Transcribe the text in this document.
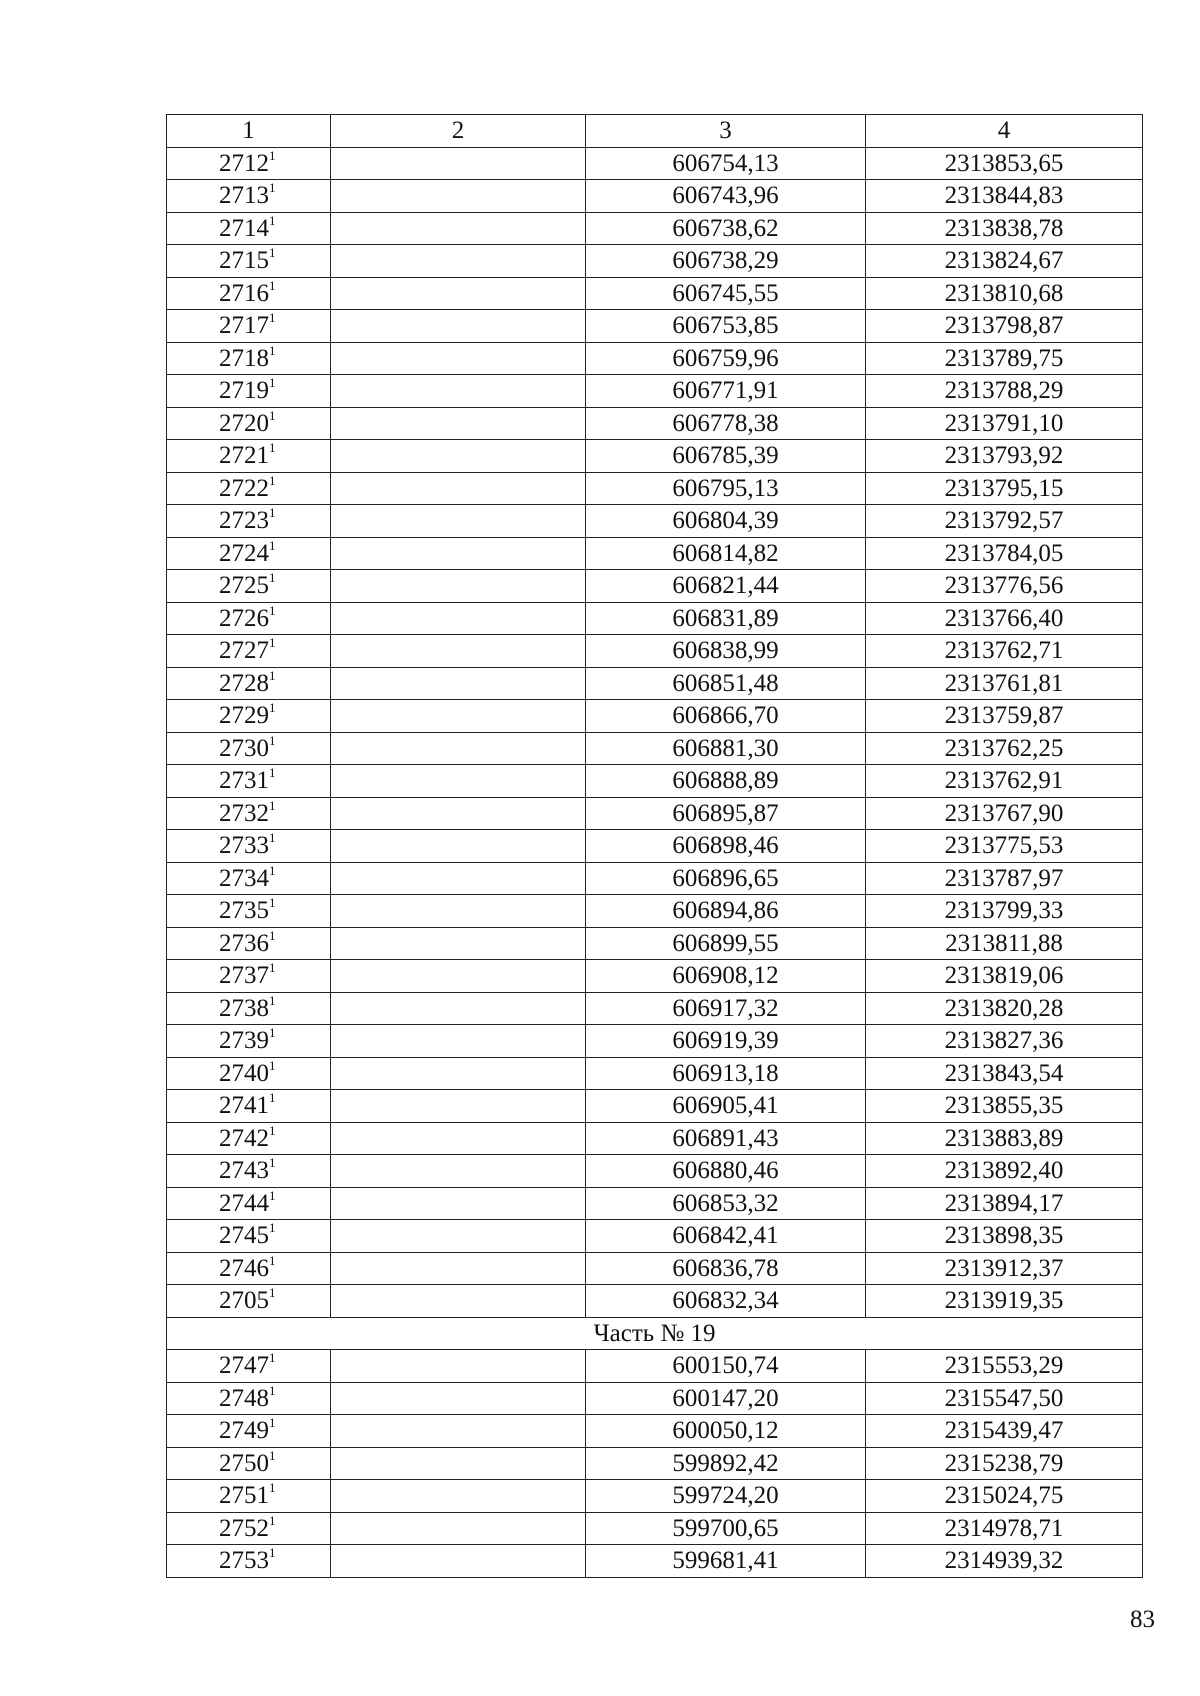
1	2	3	4
2712$^1$		606754,13	2313853,65
2713$^1$		606743,96	2313844,83
2714$^1$		606738,62	2313838,78
2715$^1$		606738,29	2313824,67
2716$^1$		606745,55	2313810,68
2717$^1$		606753,85	2313798,87
2718$^1$		606759,96	2313789,75
2719$^1$		606771,91	2313788,29
2720$^1$		606778,38	2313791,10
2721$^1$		606785,39	2313793,92
2722$^1$		606795,13	2313795,15
2723$^1$		606804,39	2313792,57
2724$^1$		606814,82	2313784,05
2725$^1$		606821,44	2313776,56
2726$^1$		606831,89	2313766,40
2727$^1$		606838,99	2313762,71
2728$^1$		606851,48	2313761,81
2729$^1$		606866,70	2313759,87
2730$^1$		606881,30	2313762,25
2731$^1$		606888,89	2313762,91
2732$^1$		606895,87	2313767,90
2733$^1$		606898,46	2313775,53
2734$^1$		606896,65	2313787,97
2735$^1$		606894,86	2313799,33
2736$^1$		606899,55	2313811,88
2737$^1$		606908,12	2313819,06
2738$^1$		606917,32	2313820,28
2739$^1$		606919,39	2313827,36
2740$^1$		606913,18	2313843,54
2741$^1$		606905,41	2313855,35
2742$^1$		606891,43	2313883,89
2743$^1$		606880,46	2313892,40
2744$^1$		606853,32	2313894,17
2745$^1$		606842,41	2313898,35
2746$^1$		606836,78	2313912,37
2705$^1$		606832,34	2313919,35
Часть № 19			
2747$^1$		600150,74	2315553,29
2748$^1$		600147,20	2315547,50
2749$^1$		600050,12	2315439,47
2750$^1$		599892,42	2315238,79
2751$^1$		599724,20	2315024,75
2752$^1$		599700,65	2314978,71
2753$^1$		599681,41	2314939,32
83
